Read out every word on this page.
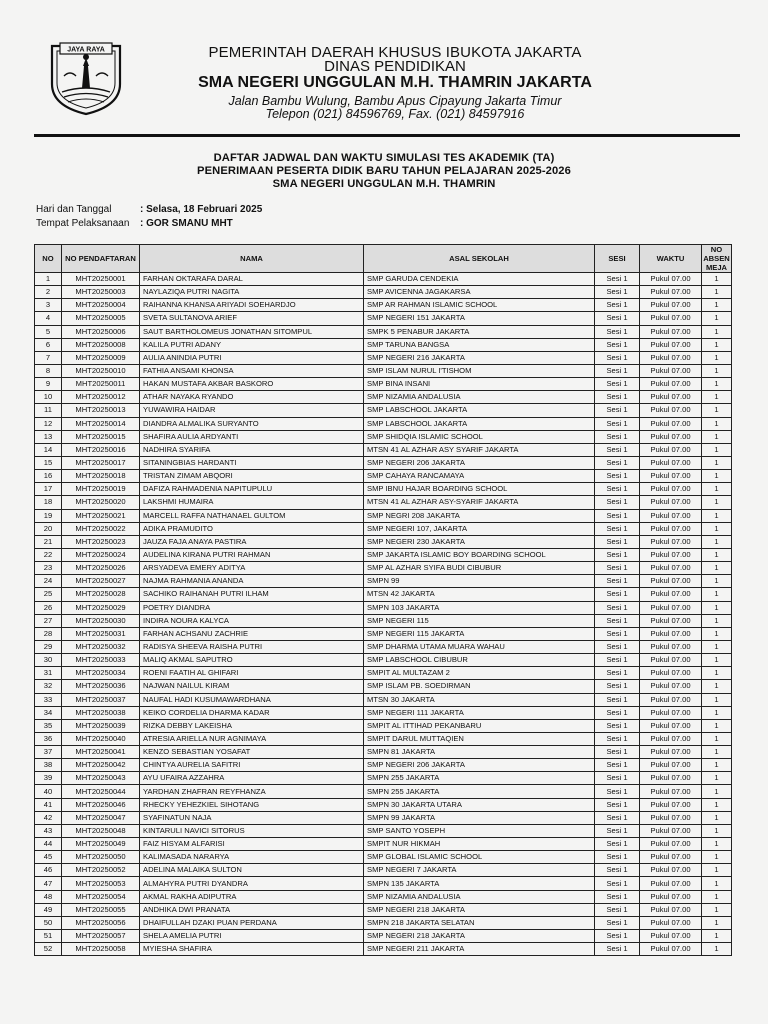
JAYA RAYA	PEMERINTAH DAERAH KHUSUS IBUKOTA JAKARTA
DINAS PENDIDIKAN
SMA NEGERI UNGGULAN M.H. THAMRIN JAKARTA
Jalan Bambu Wulung, Bambu Apus Cipayung Jakarta Timur
Telepon (021) 84596769, Fax. (021) 84597916
DAFTAR JADWAL DAN WAKTU SIMULASI TES AKADEMIK (TA)
PENERIMAAN PESERTA DIDIK BARU TAHUN PELAJARAN 2025-2026
SMA NEGERI UNGGULAN M.H. THAMRIN
Hari dan Tanggal	: Selasa, 18 Februari 2025
Tempat Pelaksanaan : GOR SMANU MHT
NO	NO PENDAFTARAN	NAMA	ASAL SEKOLAH	SESI	WAKTU	NO ABSEN MEJA
1	MHT20250001	FARHAN OKTARAFA DARAL	SMP GARUDA CENDEKIA	Sesi 1	Pukul 07.00	1
2	MHT20250003	NAYLAZIQA PUTRI NAGITA	SMP AVICENNA JAGAKARSA	Sesi 1	Pukul 07.00	1
3	MHT20250004	RAIHANNA KHANSA ARIYADI SOEHARDJO	SMP AR RAHMAN ISLAMIC SCHOOL	Sesi 1	Pukul 07.00	1
4	MHT20250005	SVETA SULTANOVA ARIEF	SMP NEGERI 151 JAKARTA	Sesi 1	Pukul 07.00	1
5	MHT20250006	SAUT BARTHOLOMEUS JONATHAN SITOMPUL	SMPK 5 PENABUR JAKARTA	Sesi 1	Pukul 07.00	1
6	MHT20250008	KALILA PUTRI ADANY	SMP TARUNA BANGSA	Sesi 1	Pukul 07.00	1
7	MHT20250009	AULIA ANINDIA PUTRI	SMP NEGERI 216 JAKARTA	Sesi 1	Pukul 07.00	1
8	MHT20250010	FATHIA ANSAMI KHONSA	SMP ISLAM NURUL I'TISHOM	Sesi 1	Pukul 07.00	1
9	MHT20250011	HAKAN MUSTAFA AKBAR BASKORO	SMP BINA INSANI	Sesi 1	Pukul 07.00	1
10	MHT20250012	ATHAR NAYAKA RYANDO	SMP NIZAMIA ANDALUSIA	Sesi 1	Pukul 07.00	1
11	MHT20250013	YUWAWIRA HAIDAR	SMP LABSCHOOL JAKARTA	Sesi 1	Pukul 07.00	1
12	MHT20250014	DIANDRA ALMALIKA SURYANTO	SMP LABSCHOOL JAKARTA	Sesi 1	Pukul 07.00	1
13	MHT20250015	SHAFIRA AULIA ARDYANTI	SMP SHIDQIA ISLAMIC SCHOOL	Sesi 1	Pukul 07.00	1
14	MHT20250016	NADHIRA SYARIFA	MTSN 41 AL AZHAR ASY SYARIF JAKARTA	Sesi 1	Pukul 07.00	1
15	MHT20250017	SITANINGBIAS HARDANTI	SMP NEGERI 206 JAKARTA	Sesi 1	Pukul 07.00	1
16	MHT20250018	TRISTAN ZIMAM ABQORI	SMP CAHAYA RANCAMAYA	Sesi 1	Pukul 07.00	1
17	MHT20250019	DAFIZA RAHMADENIA NAPITUPULU	SMP IBNU HAJAR BOARDING SCHOOL	Sesi 1	Pukul 07.00	1
18	MHT20250020	LAKSHMI HUMAIRA	MTSN 41 AL AZHAR ASY-SYARIF JAKARTA	Sesi 1	Pukul 07.00	1
19	MHT20250021	MARCELL RAFFA NATHANAEL GULTOM	SMP NEGRI 208 JAKARTA	Sesi 1	Pukul 07.00	1
20	MHT20250022	ADIKA PRAMUDITO	SMP NEGERI 107, JAKARTA	Sesi 1	Pukul 07.00	1
21	MHT20250023	JAUZA FAJA ANAYA PASTIRA	SMP NEGERI 230 JAKARTA	Sesi 1	Pukul 07.00	1
22	MHT20250024	AUDELINA KIRANA PUTRI RAHMAN	SMP JAKARTA ISLAMIC BOY BOARDING SCHOOL	Sesi 1	Pukul 07.00	1
23	MHT20250026	ARSYADEVA EMERY ADITYA	SMP AL AZHAR SYIFA BUDI CIBUBUR	Sesi 1	Pukul 07.00	1
24	MHT20250027	NAJMA RAHMANIA ANANDA	SMPN 99	Sesi 1	Pukul 07.00	1
25	MHT20250028	SACHIKO RAIHANAH PUTRI ILHAM	MTSN 42 JAKARTA	Sesi 1	Pukul 07.00	1
26	MHT20250029	POETRY DIANDRA	SMPN 103 JAKARTA	Sesi 1	Pukul 07.00	1
27	MHT20250030	INDIRA NOURA KALYCA	SMP NEGERI 115	Sesi 1	Pukul 07.00	1
28	MHT20250031	FARHAN ACHSANU ZACHRIE	SMP NEGERI 115 JAKARTA	Sesi 1	Pukul 07.00	1
29	MHT20250032	RADISYA SHEEVA RAISHA PUTRI	SMP DHARMA UTAMA MUARA WAHAU	Sesi 1	Pukul 07.00	1
30	MHT20250033	MALIQ AKMAL SAPUTRO	SMP LABSCHOOL CIBUBUR	Sesi 1	Pukul 07.00	1
31	MHT20250034	ROENI FAATIH AL GHIFARI	SMPIT AL MULTAZAM 2	Sesi 1	Pukul 07.00	1
32	MHT20250036	NAJWAN NAILUL KIRAM	SMP ISLAM PB. SOEDIRMAN	Sesi 1	Pukul 07.00	1
33	MHT20250037	NAUFAL HADI KUSUMAWARDHANA	MTSN 30 JAKARTA	Sesi 1	Pukul 07.00	1
34	MHT20250038	KEIKO CORDELIA DHARMA KADAR	SMP NEGERI 111 JAKARTA	Sesi 1	Pukul 07.00	1
35	MHT20250039	RIZKA DEBBY LAKEISHA	SMPIT AL ITTIHAD PEKANBARU	Sesi 1	Pukul 07.00	1
36	MHT20250040	ATRESIA ARIELLA NUR AGNIMAYA	SMPIT DARUL MUTTAQIEN	Sesi 1	Pukul 07.00	1
37	MHT20250041	KENZO SEBASTIAN YOSAFAT	SMPN 81 JAKARTA	Sesi 1	Pukul 07.00	1
38	MHT20250042	CHINTYA AURELIA SAFITRI	SMP NEGERI 206 JAKARTA	Sesi 1	Pukul 07.00	1
39	MHT20250043	AYU UFAIRA AZZAHRA	SMPN 255 JAKARTA	Sesi 1	Pukul 07.00	1
40	MHT20250044	YARDHAN ZHAFRAN REYFHANZA	SMPN 255 JAKARTA	Sesi 1	Pukul 07.00	1
41	MHT20250046	RHECKY YEHEZKIEL SIHOTANG	SMPN 30 JAKARTA UTARA	Sesi 1	Pukul 07.00	1
42	MHT20250047	SYAFINATUN NAJA	SMPN 99 JAKARTA	Sesi 1	Pukul 07.00	1
43	MHT20250048	KINTARULI NAVICI SITORUS	SMP SANTO YOSEPH	Sesi 1	Pukul 07.00	1
44	MHT20250049	FAIZ HISYAM ALFARISI	SMPIT NUR HIKMAH	Sesi 1	Pukul 07.00	1
45	MHT20250050	KALIMASADA NARARYA	SMP GLOBAL ISLAMIC SCHOOL	Sesi 1	Pukul 07.00	1
46	MHT20250052	ADELINA MALAIKA SULTON	SMP NEGERI 7 JAKARTA	Sesi 1	Pukul 07.00	1
47	MHT20250053	ALMAHYRA PUTRI DYANDRA	SMPN 135 JAKARTA	Sesi 1	Pukul 07.00	1
48	MHT20250054	AKMAL RAKHA ADIPUTRA	SMP NIZAMIA ANDALUSIA	Sesi 1	Pukul 07.00	1
49	MHT20250055	ANDHIKA DWI PRANATA	SMP NEGERI 218 JAKARTA	Sesi 1	Pukul 07.00	1
50	MHT20250056	DHAIFULLAH DZAKI PUAN PERDANA	SMPN 218 JAKARTA SELATAN	Sesi 1	Pukul 07.00	1
51	MHT20250057	SHELA AMELIA PUTRI	SMP NEGERI 218 JAKARTA	Sesi 1	Pukul 07.00	1
52	MHT20250058	MYIESHA SHAFIRA	SMP NEGERI 211 JAKARTA	Sesi 1	Pukul 07.00	1
